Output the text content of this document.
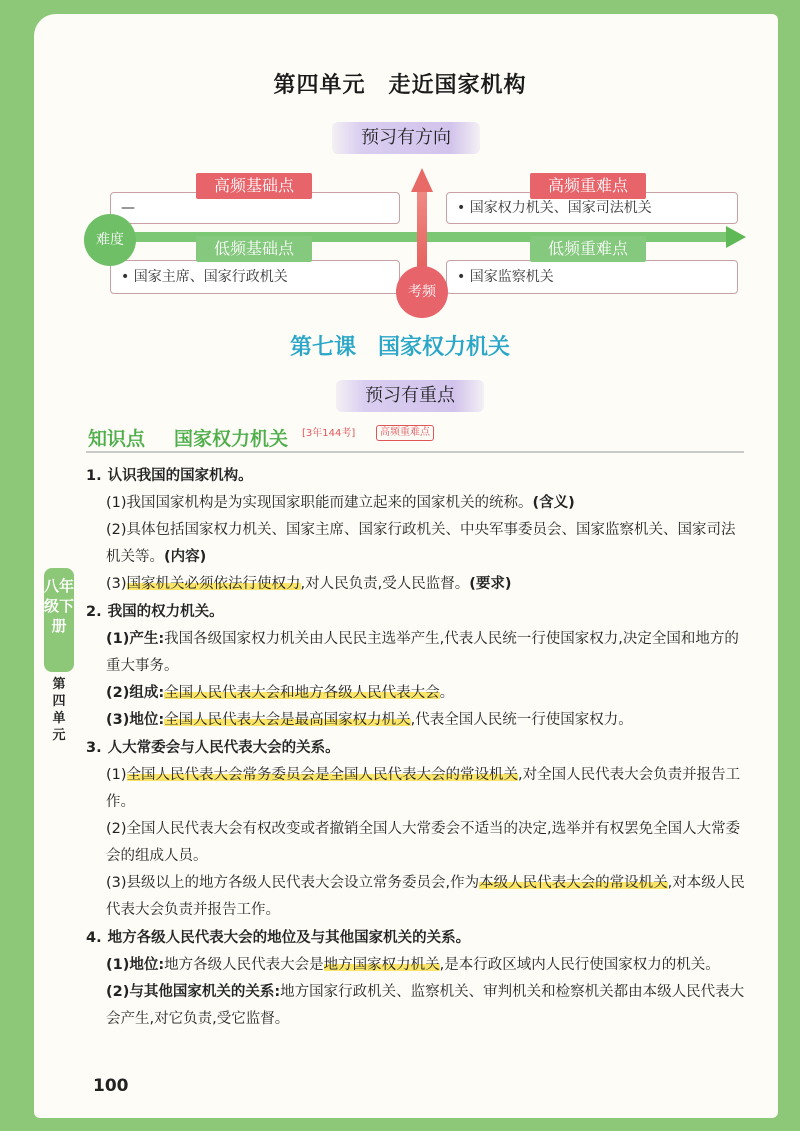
第四单元　走近国家机构
预习有方向
—	• 国家权力机关、国家司法机关
• 国家主席、国家行政机关	• 国家监察机关
高频基础点	高频重难点
低频基础点	低频重难点
难度
考频
第七课　国家权力机关
预习有重点
知识点 国家权力机关 [3年144考]	高频重难点
1. 认识我国的国家机构。
(1)我国国家机构是为实现国家职能而建立起来的国家机关的统称。(含义)
(2)具体包括国家权力机关、国家主席、国家行政机关、中央军事委员会、国家监察机关、国家司法机关等。(内容)
(3)国家机关必须依法行使权力,对人民负责,受人民监督。(要求)
2. 我国的权力机关。
(1)产生:我国各级国家权力机关由人民民主选举产生,代表人民统一行使国家权力,决定全国和地方的重大事务。
(2)组成:全国人民代表大会和地方各级人民代表大会。
(3)地位:全国人民代表大会是最高国家权力机关,代表全国人民统一行使国家权力。
3. 人大常委会与人民代表大会的关系。
(1)全国人民代表大会常务委员会是全国人民代表大会的常设机关,对全国人民代表大会负责并报告工作。
(2)全国人民代表大会有权改变或者撤销全国人大常委会不适当的决定,选举并有权罢免全国人大常委会的组成人员。
(3)县级以上的地方各级人民代表大会设立常务委员会,作为本级人民代表大会的常设机关,对本级人民代表大会负责并报告工作。
4. 地方各级人民代表大会的地位及与其他国家机关的关系。
(1)地位:地方各级人民代表大会是地方国家权力机关,是本行政区域内人民行使国家权力的机关。
(2)与其他国家机关的关系:地方国家行政机关、监察机关、审判机关和检察机关都由本级人民代表大会产生,对它负责,受它监督。
八年级下册
第四单元
100
